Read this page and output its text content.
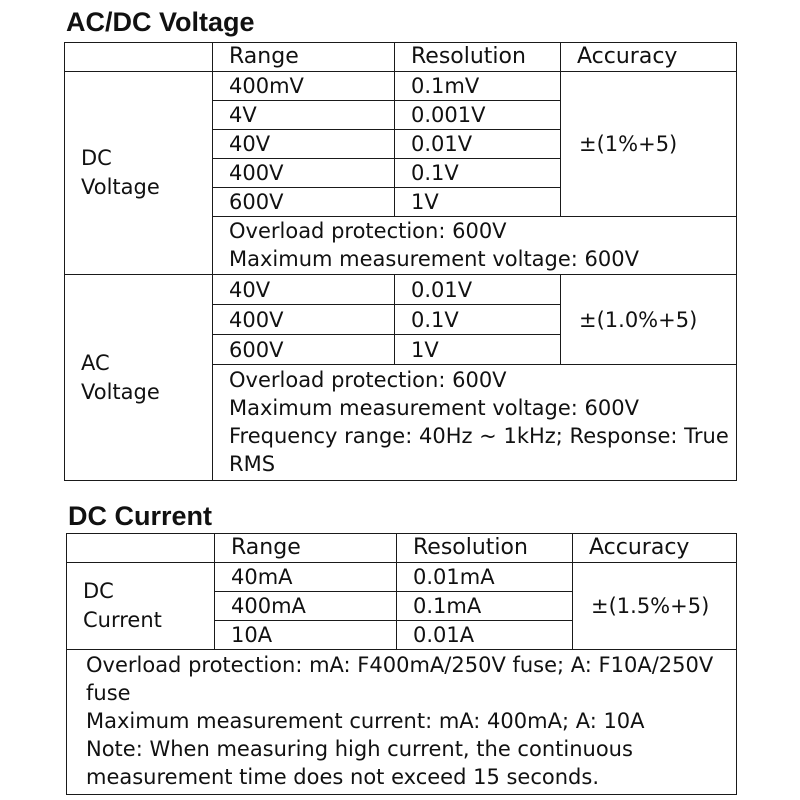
AC/DC Voltage
	Range	Resolution	Accuracy

DC
Voltage	400mV	0.1mV	±(1%+5)
	4V	0.001V	
	40V	0.01V	
	400V	0.1V	
	600V	1V	

	Overload protection: 600V
Maximum measurement voltage: 600V		

AC
Voltage	40V	0.01V	±(1.0%+5)
	400V	0.1V	
	600V	1V	

	Overload protection: 600V
Maximum measurement voltage: 600V
Frequency range: 40Hz ~ 1kHz; Response: True RMS		
DC Current
	Range	Resolution	Accuracy

DC
Current	40mA	0.01mA	±(1.5%+5)
	400mA	0.1mA	
	10A	0.01A	

Overload protection: mA: F400mA/250V fuse; A: F10A/250V fuse
Maximum measurement current: mA: 400mA; A: 10A
Note: When measuring high current, the continuous measurement time does not exceed 15 seconds.			
